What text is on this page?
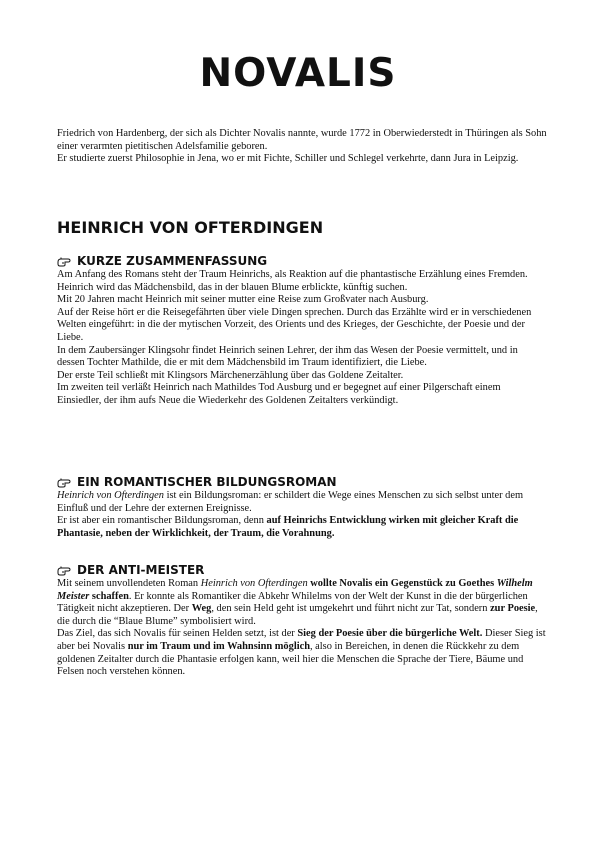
NOVALIS

Friedrich von Hardenberg, der sich als Dichter Novalis nannte, wurde 1772 in Oberwiederstedt in Thüringen als Sohn einer verarmten pietitischen Adelsfamilie geboren.

Er studierte zuerst Philosophie in Jena, wo er mit Fichte, Schiller und Schlegel verkehrte, dann Jura in Leipzig.

HEINRICH VON OFTERDINGEN
KURZE ZUSAMMENFASSUNG

Am Anfang des Romans steht der Traum Heinrichs, als Reaktion auf die phantastische Erzählung eines Fremden. Heinrich wird das Mädchensbild, das in der blauen Blume erblickte, künftig suchen.

Mit 20 Jahren macht Heinrich mit seiner mutter eine Reise zum Großvater nach Ausburg.

Auf der Reise hört er die Reisegefährten über viele Dingen sprechen. Durch das Erzählte wird er in verschiedenen Welten eingeführt: in die der mytischen Vorzeit, des Orients und des Krieges, der Geschichte, der Poesie und der Liebe.

In dem Zaubersänger Klingsohr findet Heinrich seinen Lehrer, der ihm das Wesen der Poesie vermittelt, und in dessen Tochter Mathilde, die er mit dem Mädchensbild im Traum identifiziert, die Liebe.

Der erste Teil schließt mit Klingsors Märchenerzählung über das Goldene Zeitalter.

Im zweiten teil verläßt Heinrich nach Mathildes Tod Ausburg und er begegnet auf einer Pilgerschaft einem Einsiedler, der ihm aufs Neue die Wiederkehr des Goldenen Zeitalters verkündigt.

EIN ROMANTISCHER BILDUNGSROMAN

Heinrich von Ofterdingen ist ein Bildungsroman: er schildert die Wege eines Menschen zu sich selbst unter dem Einfluß und der Lehre der externen Ereignisse.

Er ist aber ein romantischer Bildungsroman, denn auf Heinrichs Entwicklung wirken mit gleicher Kraft die Phantasie, neben der Wirklichkeit, der Traum, die Vorahnung.

DER ANTI-MEISTER

Mit seinem unvollendeten Roman Heinrich von Ofterdingen wollte Novalis ein Gegenstück zu Goethes Wilhelm Meister schaffen. Er konnte als Romantiker die Abkehr Whilelms von der Welt der Kunst in die der bürgerlichen Tätigkeit nicht akzeptieren. Der Weg, den sein Held geht ist umgekehrt und führt nicht zur Tat, sondern zur Poesie, die durch die “Blaue Blume” symbolisiert wird.

Das Ziel, das sich Novalis für seinen Helden setzt, ist der Sieg der Poesie über die bürgerliche Welt. Dieser Sieg ist aber bei Novalis nur im Traum und im Wahnsinn möglich, also in Bereichen, in denen die Rückkehr zu dem goldenen Zeitalter durch die Phantasie erfolgen kann, weil hier die Menschen die Sprache der Tiere, Bäume und Felsen noch verstehen können.
